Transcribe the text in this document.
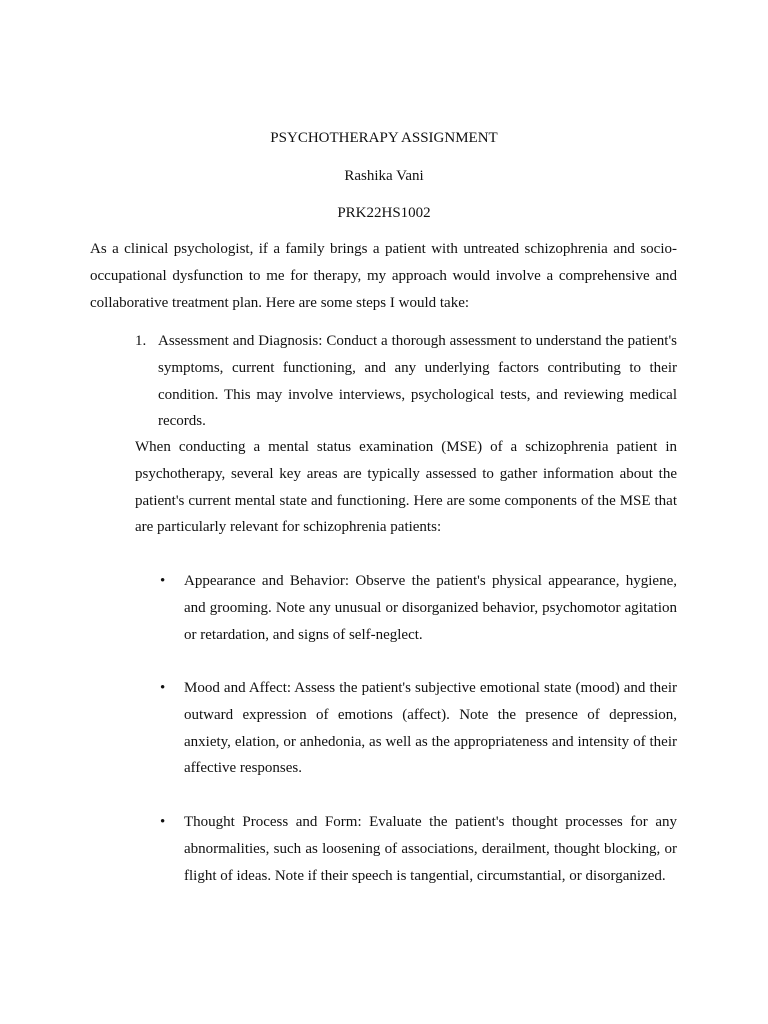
PSYCHOTHERAPY ASSIGNMENT
Rashika Vani
PRK22HS1002

As a clinical psychologist, if a family brings a patient with untreated schizophrenia and socio-occupational dysfunction to me for therapy, my approach would involve a comprehensive and collaborative treatment plan. Here are some steps I would take:

1. Assessment and Diagnosis: Conduct a thorough assessment to understand the patient's symptoms, current functioning, and any underlying factors contributing to their condition. This may involve interviews, psychological tests, and reviewing medical records.

When conducting a mental status examination (MSE) of a schizophrenia patient in psychotherapy, several key areas are typically assessed to gather information about the patient's current mental state and functioning. Here are some components of the MSE that are particularly relevant for schizophrenia patients:

• Appearance and Behavior: Observe the patient's physical appearance, hygiene, and grooming. Note any unusual or disorganized behavior, psychomotor agitation or retardation, and signs of self-neglect.

• Mood and Affect: Assess the patient's subjective emotional state (mood) and their outward expression of emotions (affect). Note the presence of depression, anxiety, elation, or anhedonia, as well as the appropriateness and intensity of their affective responses.

• Thought Process and Form: Evaluate the patient's thought processes for any abnormalities, such as loosening of associations, derailment, thought blocking, or flight of ideas. Note if their speech is tangential, circumstantial, or disorganized.
